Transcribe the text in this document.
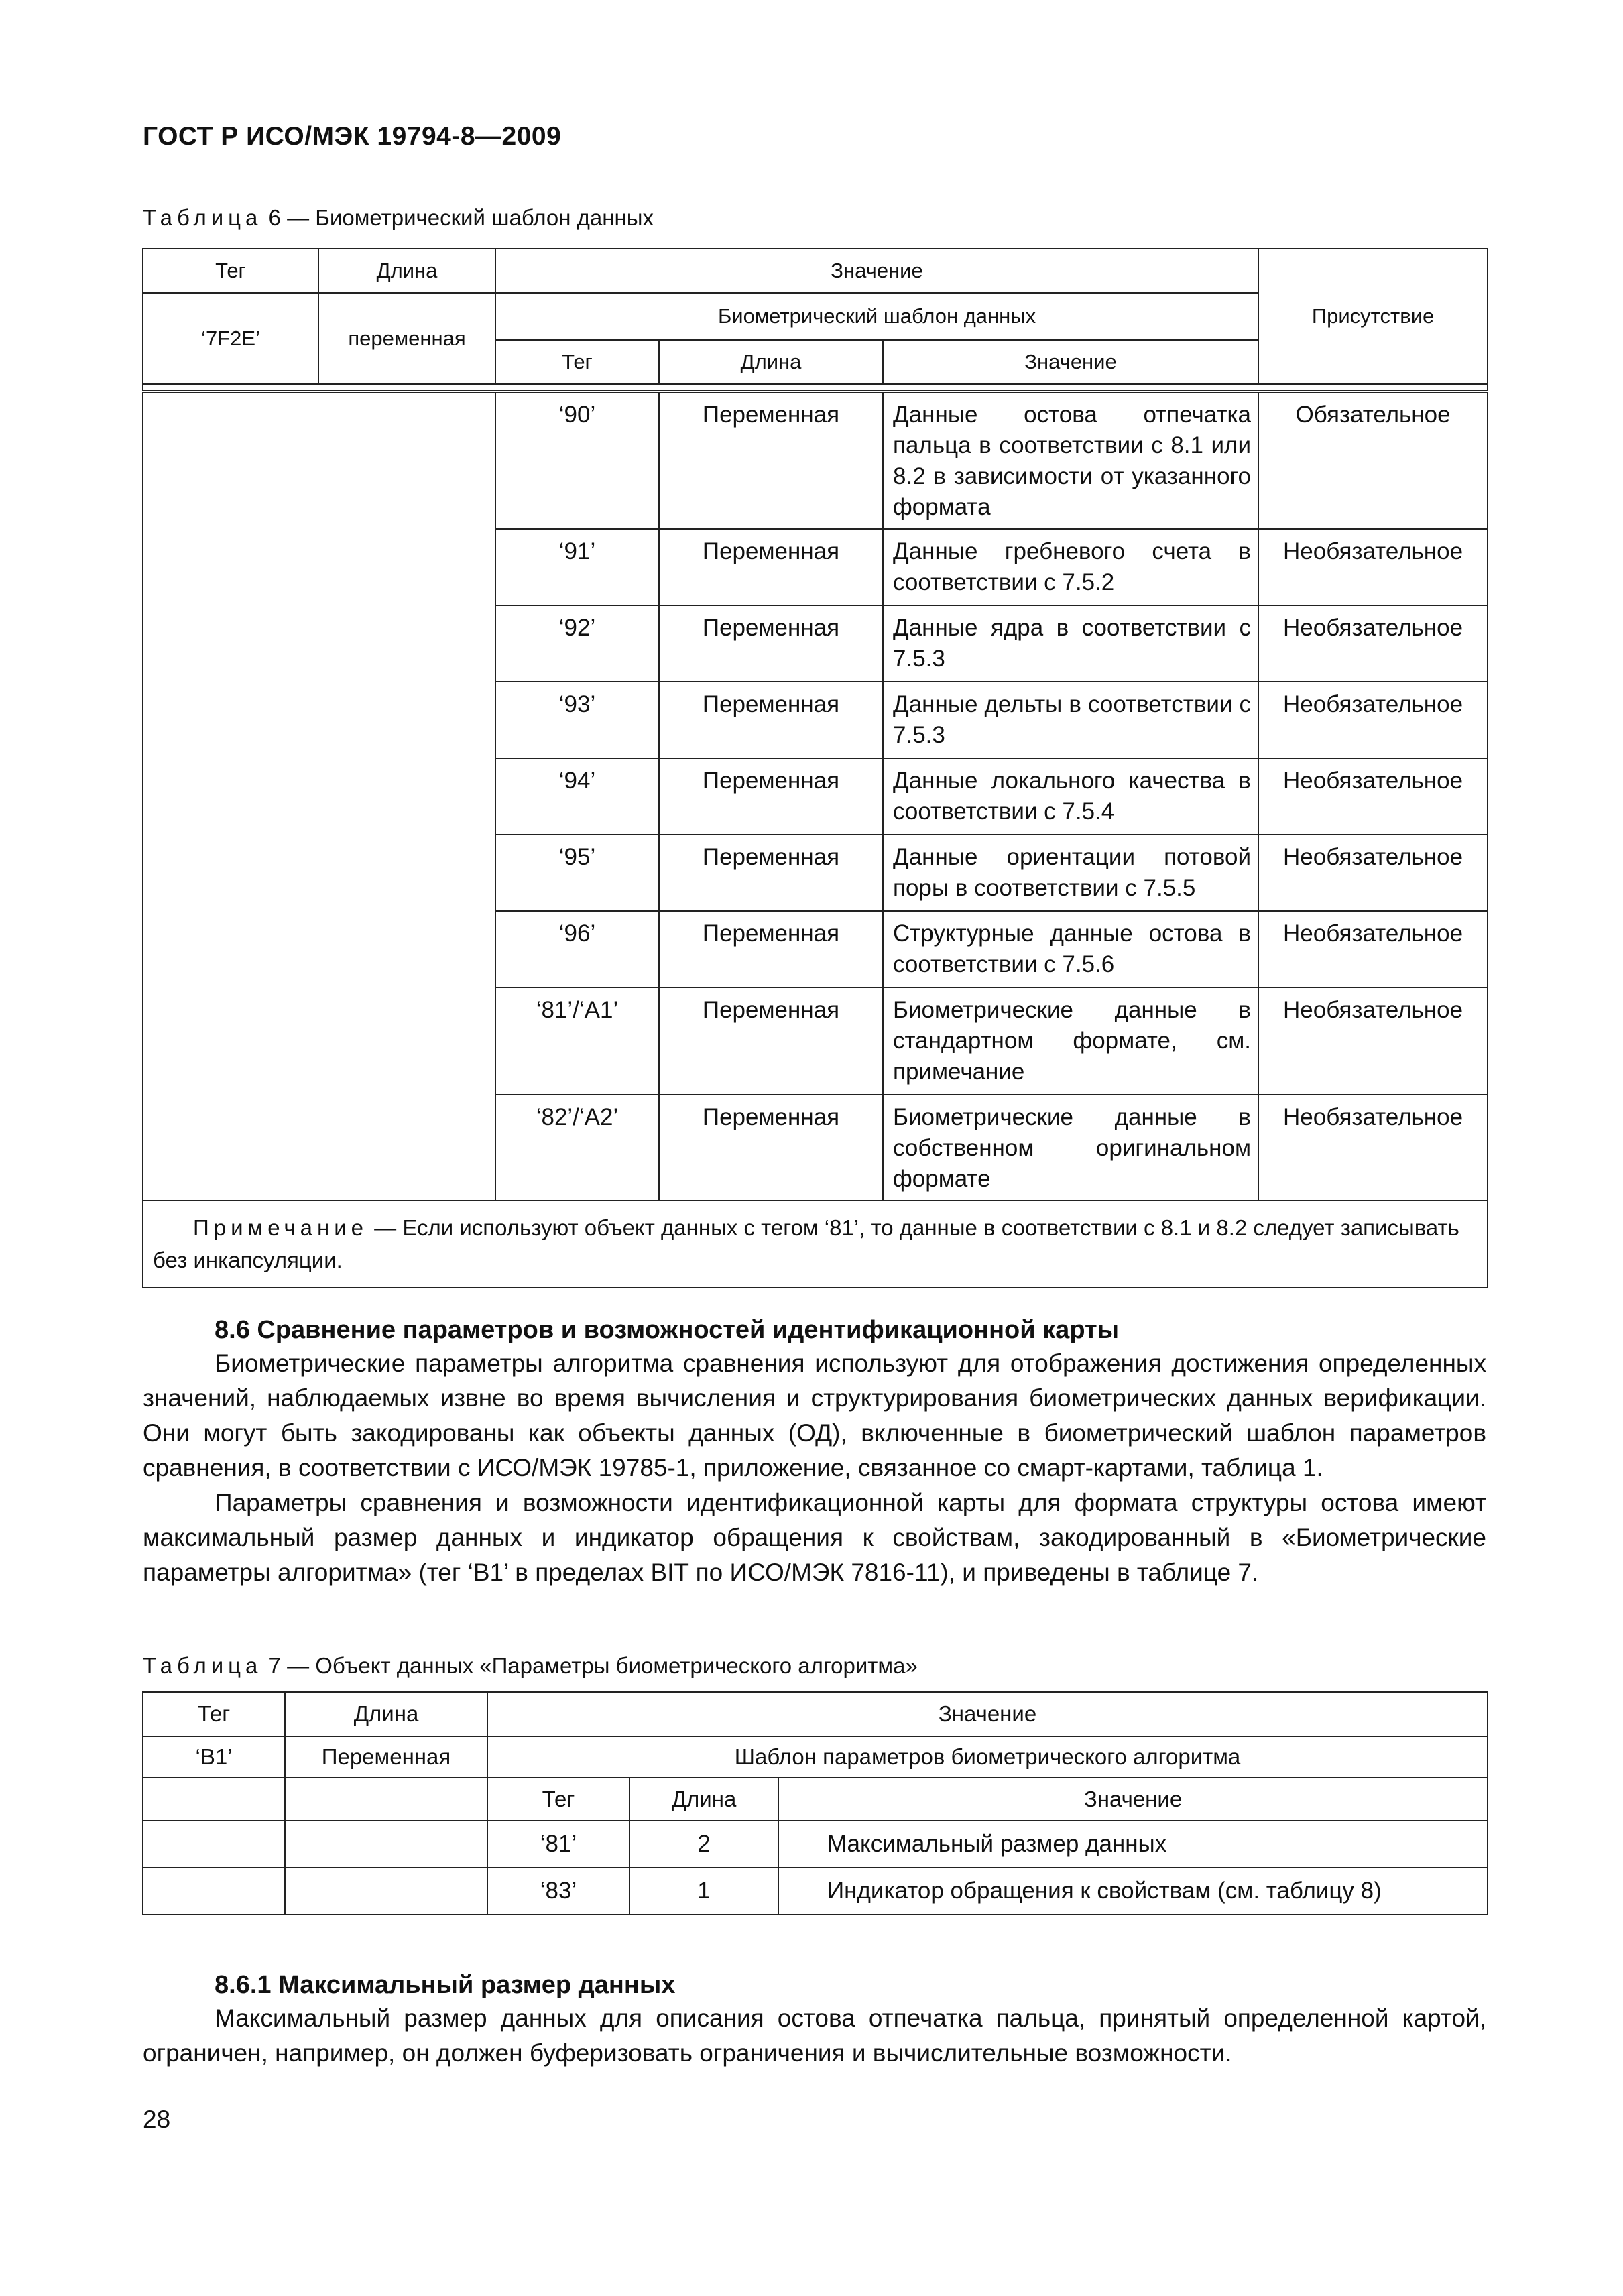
ГОСТ Р ИСО/МЭК 19794-8—2009
Таблица 6 — Биометрический шаблон данных
Тег	Длина	Значение			Присутствие
‘7F2E’	переменная	Биометрический шаблон данных			
		Тег	Длина	Значение	

		‘90’	Переменная	Данные остова отпечатка пальца в соответствии с 8.1 или 8.2 в зависимости от указанного формата	Обязательное
		‘91’	Переменная	Данные гребневого счета в соответствии с 7.5.2	Необязательное
		‘92’	Переменная	Данные ядра в соответствии с 7.5.3	Необязательное
		‘93’	Переменная	Данные дельты в соответствии с 7.5.3	Необязательное
		‘94’	Переменная	Данные локального качества в соответствии с 7.5.4	Необязательное
		‘95’	Переменная	Данные ориентации потовой поры в соответствии с 7.5.5	Необязательное
		‘96’	Переменная	Структурные данные остова в соответствии с 7.5.6	Необязательное
		‘81’/‘A1’	Переменная	Биометрические данные в стандартном формате, см. примечание	Необязательное
		‘82’/‘A2’	Переменная	Биометрические данные в собственном оригинальном формате	Необязательное
Примечание — Если используют объект данных с тегом ‘81’, то данные в соответствии с 8.1 и 8.2 следует записывать без инкапсуляции.					
8.6 Сравнение параметров и возможностей идентификационной карты

Биометрические параметры алгоритма сравнения используют для отображения достижения определенных значений, наблюдаемых извне во время вычисления и структурирования биометрических данных верификации. Они могут быть закодированы как объекты данных (ОД), включенные в биометрический шаблон параметров сравнения, в соответствии с ИСО/МЭК 19785-1, приложение, связанное со смарт-картами, таблица 1.

Параметры сравнения и возможности идентификационной карты для формата структуры остова имеют максимальный размер данных и индикатор обращения к свойствам, закодированный в «Биометрические параметры алгоритма» (тег ‘B1’ в пределах BIT по ИСО/МЭК 7816-11), и приведены в таблице 7.

Таблица 7 — Объект данных «Параметры биометрического алгоритма»
Тег	Длина	Значение		
‘B1’	Переменная	Шаблон параметров биометрического алгоритма		
		Тег	Длина	Значение
		‘81’	2	Максимальный размер данных
		‘83’	1	Индикатор обращения к свойствам (см. таблицу 8)
8.6.1 Максимальный размер данных

Максимальный размер данных для описания остова отпечатка пальца, принятый определенной картой, ограничен, например, он должен буферизовать ограничения и вычислительные возможности.

28
